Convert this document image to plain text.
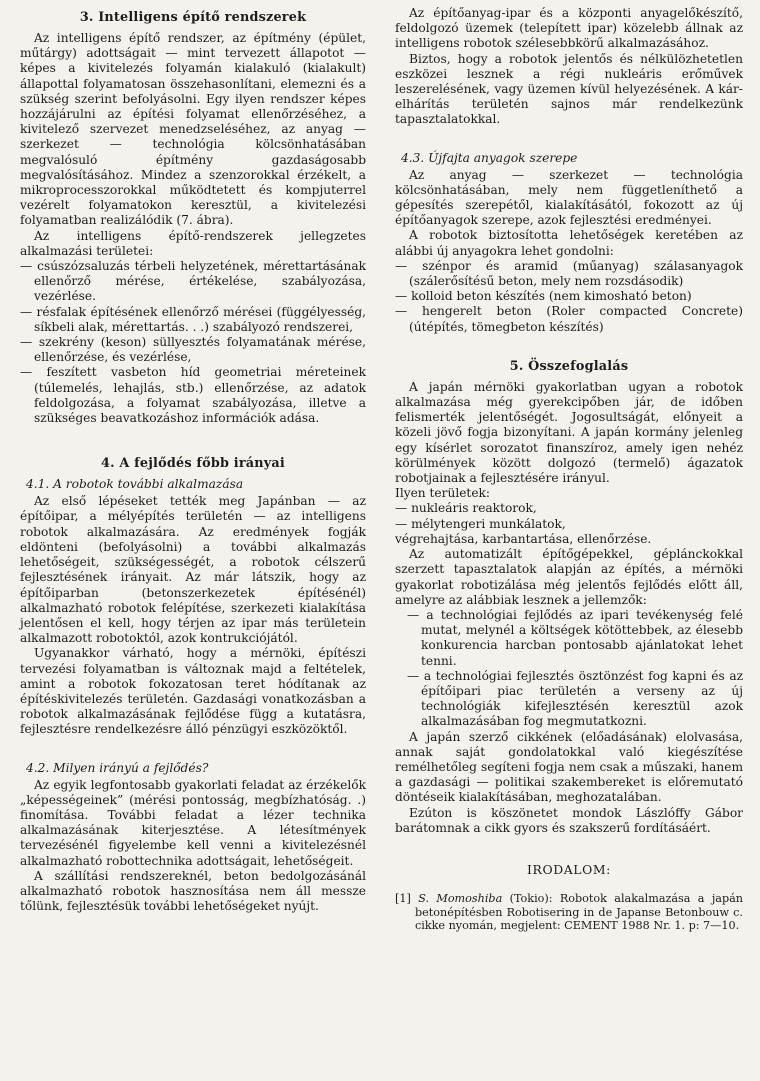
3. Intelligens építő rendszerek

Az intelligens építő rendszer, az építmény (épület, műtárgy) adottságait — mint tervezett állapotot — képes a kivitelezés folyamán kialakuló (kialakult) állapottal folyamatosan összehasonlítani, elemezni és a szükség szerint befolyásolni. Egy ilyen rendszer képes hozzájárulni az építési folyamat ellenőrzéséhez, a kivitelező szervezet menedzseléséhez, az anyag — szerkezet — technológia kölcsönhatásában megvalósuló építmény gazdaságosabb megvalósításához. Mindez a szenzorokkal érzékelt, a mikroprocesszorokkal működtetett és kompjuterrel vezérelt folyamatokon keresztül, a kivitelezési folyamatban realizálódik (7. ábra).

Az intelligens építő-rendszerek jellegzetes alkalmazási területei:

— csúszózsaluzás térbeli helyzetének, mérettartásának ellenőrző mérése, értékelése, szabályozása, vezérlése.
— résfalak építésének ellenőrző mérései (függélyesség, síkbeli alak, mérettartás. . .) szabályozó rendszerei,
— szekrény (keson) süllyesztés folyamatának mérése, ellenőrzése, és vezérlése,
— feszített vasbeton híd geometriai méreteinek (túlemelés, lehajlás, stb.) ellenőrzése, az adatok feldolgozása, a folyamat szabályozása, illetve a szükséges beavatkozáshoz információk adása.
4. A fejlődés főbb irányai
4.1. A robotok további alkalmazása

Az első lépéseket tették meg Japánban — az építőipar, a mélyépítés területén — az intelligens robotok alkalmazására. Az eredmények fogják eldönteni (befolyásolni) a további alkalmazás lehetőségeit, szükségességét, a robotok célszerű fejlesztésének irányait. Az már látszik, hogy az építőiparban (betonszerkezetek építésénél) alkalmazható robotok felépítése, szerkezeti kialakítása jelentősen el kell, hogy térjen az ipar más területein alkalmazott robotoktól, azok kontrukciójától.

Ugyanakkor várható, hogy a mérnöki, építészi tervezési folyamatban is változnak majd a feltételek, amint a robotok fokozatosan teret hódítanak az építéskivitelezés területén. Gazdasági vonatkozásban a robotok alkalmazásának fejlődése függ a kutatásra, fejlesztésre rendelkezésre álló pénzügyi eszközöktől.

4.2. Milyen irányú a fejlődés?

Az egyik legfontosabb gyakorlati feladat az érzékelők „képességeinek” (mérési pontosság, megbízhatóság. .) finomítása. További feladat a lézer technika alkalmazásának kiterjesztése. A létesítmények tervezésénél figyelembe kell venni a kivitelezésnél alkalmazható robottechnika adottságait, lehetőségeit.

A szállítási rendszereknél, beton bedolgozásánál alkalmazható robotok hasznosítása nem áll messze tőlünk, fejlesztésük további lehetőségeket nyújt.

Az építőanyag-ipar és a központi anyagelőkészítő, feldolgozó üzemek (telepített ipar) közelebb állnak az intelligens robotok szélesebbkörű alkalmazásához.

Biztos, hogy a robotok jelentős és nélkülözhetetlen eszközei lesznek a régi nukleáris erőművek leszerelésének, vagy üzemen kívül helyezésének. A kár-elhárítás területén sajnos már rendelkezünk tapasztalatokkal.

4.3. Újfajta anyagok szerepe

Az anyag — szerkezet — technológia kölcsönhatásában, mely nem függetleníthető a gépesítés szerepétől, kialakításától, fokozott az új építőanyagok szerepe, azok fejlesztési eredményei.

A robotok biztosította lehetőségek keretében az alábbi új anyagokra lehet gondolni:

— szénpor és aramid (műanyag) szálasanyagok (szálerősítésű beton, mely nem rozsdásodik)
— kolloid beton készítés (nem kimosható beton)
— hengerelt beton (Roler compacted Concrete) (útépítés, tömegbeton készítés)
5. Összefoglalás

A japán mérnöki gyakorlatban ugyan a robotok alkalmazása még gyerekcipőben jár, de időben felismerték jelentőségét. Jogosultságát, előnyeit a közeli jövő fogja bizonyítani. A japán kormány jelenleg egy kísérlet sorozatot finanszíroz, amely igen nehéz körülmények között dolgozó (termelő) ágazatok robotjainak a fejlesztésére irányul.

Ilyen területek:

— nukleáris reaktorok,
— mélytengeri munkálatok,

végrehajtása, karbantartása, ellenőrzése.

Az automatizált építőgépekkel, géplánckokkal szerzett tapasztalatok alapján az építés, a mérnöki gyakorlat robotizálása még jelentős fejlődés előtt áll, amelyre az alábbiak lesznek a jellemzők:

— a technológiai fejlődés az ipari tevékenység felé mutat, melynél a költségek kötöttebbek, az élesebb konkurencia harcban pontosabb ajánlatokat lehet tenni.
— a technológiai fejlesztés ösztönzést fog kapni és az építőipari piac területén a verseny az új technológiák kifejlesztésén keresztül azok alkalmazásában fog megmutatkozni.

A japán szerző cikkének (előadásának) elolvasása, annak saját gondolatokkal való kiegészítése remélhetőleg segíteni fogja nem csak a műszaki, hanem a gazdasági — politikai szakembereket is előremutató döntéseik kialakításában, meghozatalában.

Ezúton is köszönetet mondok Lászlóffy Gábor barátomnak a cikk gyors és szakszerű fordításáért.

IRODALOM:

[1] S. Momoshiba (Tokio): Robotok alakalmazása a japán betonépítésben Robotisering in de Japanse Betonbouw c. cikke nyomán, megjelent: CEMENT 1988 Nr. 1. p: 7—10.
